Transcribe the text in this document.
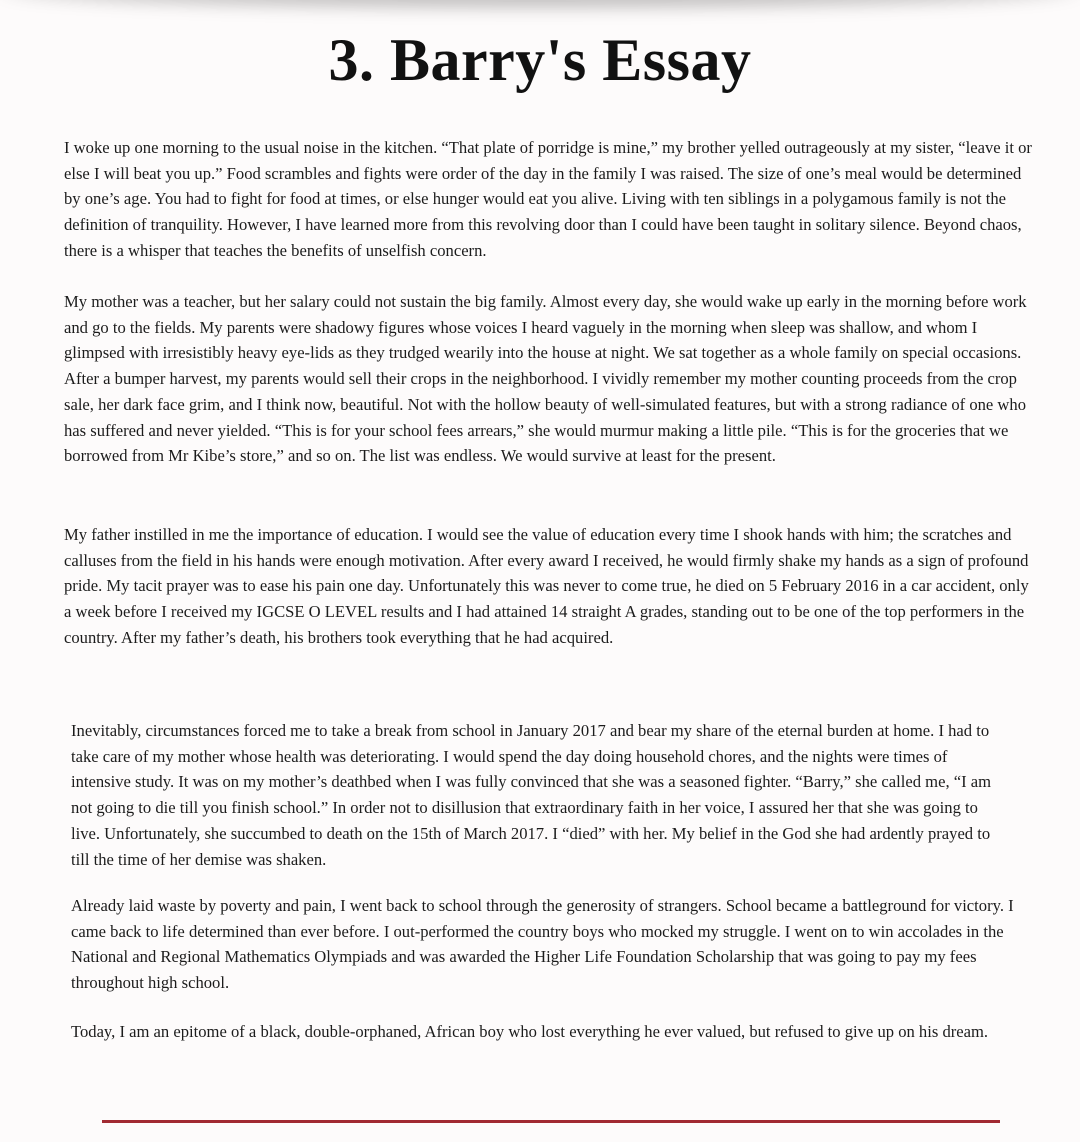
3. Barry's Essay

I woke up one morning to the usual noise in the kitchen. “That plate of porridge is mine,” my brother yelled outrageously at my sister, “leave it or else I will beat you up.” Food scrambles and fights were order of the day in the family I was raised. The size of one’s meal would be determined by one’s age. You had to fight for food at times, or else hunger would eat you alive. Living with ten siblings in a polygamous family is not the definition of tranquility. However, I have learned more from this revolving door than I could have been taught in solitary silence. Beyond chaos, there is a whisper that teaches the benefits of unselfish concern.

My mother was a teacher, but her salary could not sustain the big family. Almost every day, she would wake up early in the morning before work and go to the fields. My parents were shadowy figures whose voices I heard vaguely in the morning when sleep was shallow, and whom I glimpsed with irresistibly heavy eye-lids as they trudged wearily into the house at night. We sat together as a whole family on special occasions. After a bumper harvest, my parents would sell their crops in the neighborhood. I vividly remember my mother counting proceeds from the crop sale, her dark face grim, and I think now, beautiful. Not with the hollow beauty of well-simulated features, but with a strong radiance of one who has suffered and never yielded. “This is for your school fees arrears,” she would murmur making a little pile. “This is for the groceries that we borrowed from Mr Kibe’s store,” and so on. The list was endless. We would survive at least for the present.

My father instilled in me the importance of education. I would see the value of education every time I shook hands with him; the scratches and calluses from the field in his hands were enough motivation. After every award I received, he would firmly shake my hands as a sign of profound pride. My tacit prayer was to ease his pain one day. Unfortunately this was never to come true, he died on 5 February 2016 in a car accident, only a week before I received my IGCSE O LEVEL results and I had attained 14 straight A grades, standing out to be one of the top performers in the country. After my father’s death, his brothers took everything that he had acquired.

Inevitably, circumstances forced me to take a break from school in January 2017 and bear my share of the eternal burden at home. I had to take care of my mother whose health was deteriorating. I would spend the day doing household chores, and the nights were times of intensive study. It was on my mother’s deathbed when I was fully convinced that she was a seasoned fighter. “Barry,” she called me, “I am not going to die till you finish school.” In order not to disillusion that extraordinary faith in her voice, I assured her that she was going to live. Unfortunately, she succumbed to death on the 15th of March 2017. I “died” with her. My belief in the God she had ardently prayed to till the time of her demise was shaken.

Already laid waste by poverty and pain, I went back to school through the generosity of strangers. School became a battleground for victory. I came back to life determined than ever before. I out-performed the country boys who mocked my struggle. I went on to win accolades in the National and Regional Mathematics Olympiads and was awarded the Higher Life Foundation Scholarship that was going to pay my fees throughout high school.

Today, I am an epitome of a black, double-orphaned, African boy who lost everything he ever valued, but refused to give up on his dream.
